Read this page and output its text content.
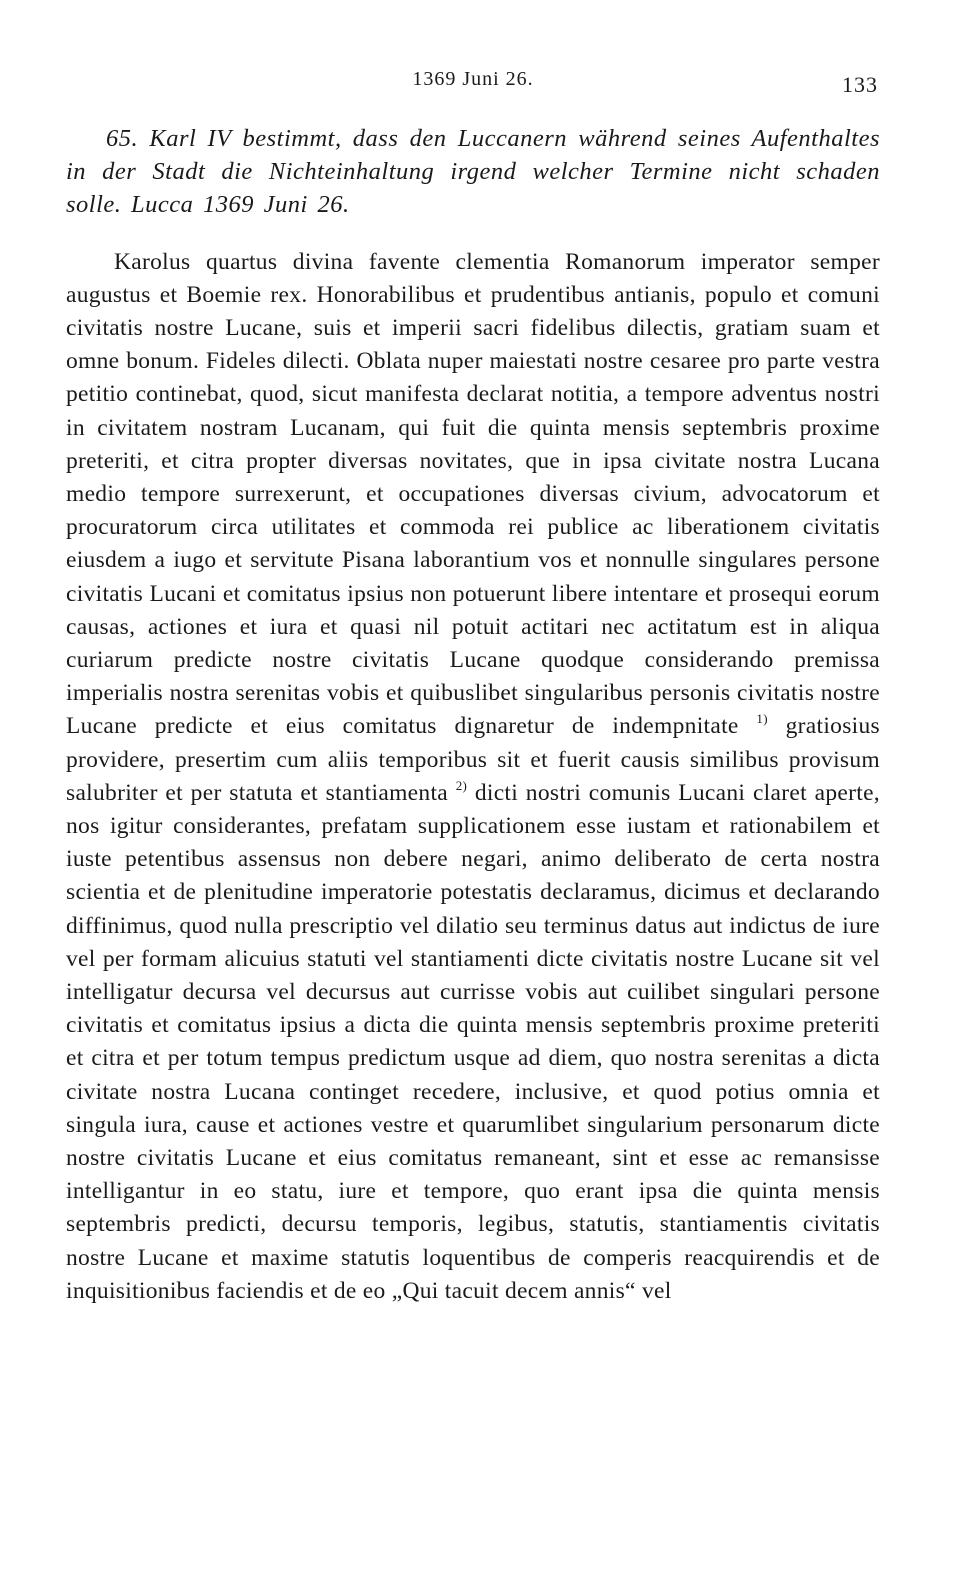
1369 Juni 26.	133

65. Karl IV bestimmt, dass den Luccanern während seines Aufenthaltes in der Stadt die Nichteinhaltung irgend welcher Termine nicht schaden solle. Lucca 1369 Juni 26.

Karolus quartus divina favente clementia Romanorum imperator semper augustus et Boemie rex. Honorabilibus et prudentibus antianis, populo et comuni civitatis nostre Lucane, suis et imperii sacri fidelibus dilectis, gratiam suam et omne bonum. Fideles dilecti. Oblata nuper maiestati nostre cesaree pro parte vestra petitio continebat, quod, sicut manifesta declarat notitia, a tempore adventus nostri in civitatem nostram Lucanam, qui fuit die quinta mensis septembris proxime preteriti, et citra propter diversas novitates, que in ipsa civitate nostra Lucana medio tempore surrexerunt, et occupationes diversas civium, advocatorum et procuratorum circa utilitates et commoda rei publice ac liberationem civitatis eiusdem a iugo et servitute Pisana laborantium vos et nonnulle singulares persone civitatis Lucani et comitatus ipsius non potuerunt libere intentare et prosequi eorum causas, actiones et iura et quasi nil potuit actitari nec actitatum est in aliqua curiarum predicte nostre civitatis Lucane quodque considerando premissa imperialis nostra serenitas vobis et quibuslibet singularibus personis civitatis nostre Lucane predicte et eius comitatus dignaretur de indempnitate $^{1)}$ gratiosius providere, presertim cum aliis temporibus sit et fuerit causis similibus provisum salubriter et per statuta et stantiamenta $^{2)}$ dicti nostri comunis Lucani claret aperte, nos igitur considerantes, prefatam supplicationem esse iustam et rationabilem et iuste petentibus assensus non debere negari, animo deliberato de certa nostra scientia et de plenitudine imperatorie potestatis declaramus, dicimus et declarando diffinimus, quod nulla prescriptio vel dilatio seu terminus datus aut indictus de iure vel per formam alicuius statuti vel stantiamenti dicte civitatis nostre Lucane sit vel intelligatur decursa vel decursus aut currisse vobis aut cuilibet singulari persone civitatis et comitatus ipsius a dicta die quinta mensis septembris proxime preteriti et citra et per totum tempus predictum usque ad diem, quo nostra serenitas a dicta civitate nostra Lucana continget recedere, inclusive, et quod potius omnia et singula iura, cause et actiones vestre et quarumlibet singularium personarum dicte nostre civitatis Lucane et eius comitatus remaneant, sint et esse ac remansisse intelligantur in eo statu, iure et tempore, quo erant ipsa die quinta mensis septembris predicti, decursu temporis, legibus, statutis, stantiamentis civitatis nostre Lucane et maxime statutis loquentibus de comperis reacquirendis et de inquisitionibus faciendis et de eo „Qui tacuit decem annis“ vel
